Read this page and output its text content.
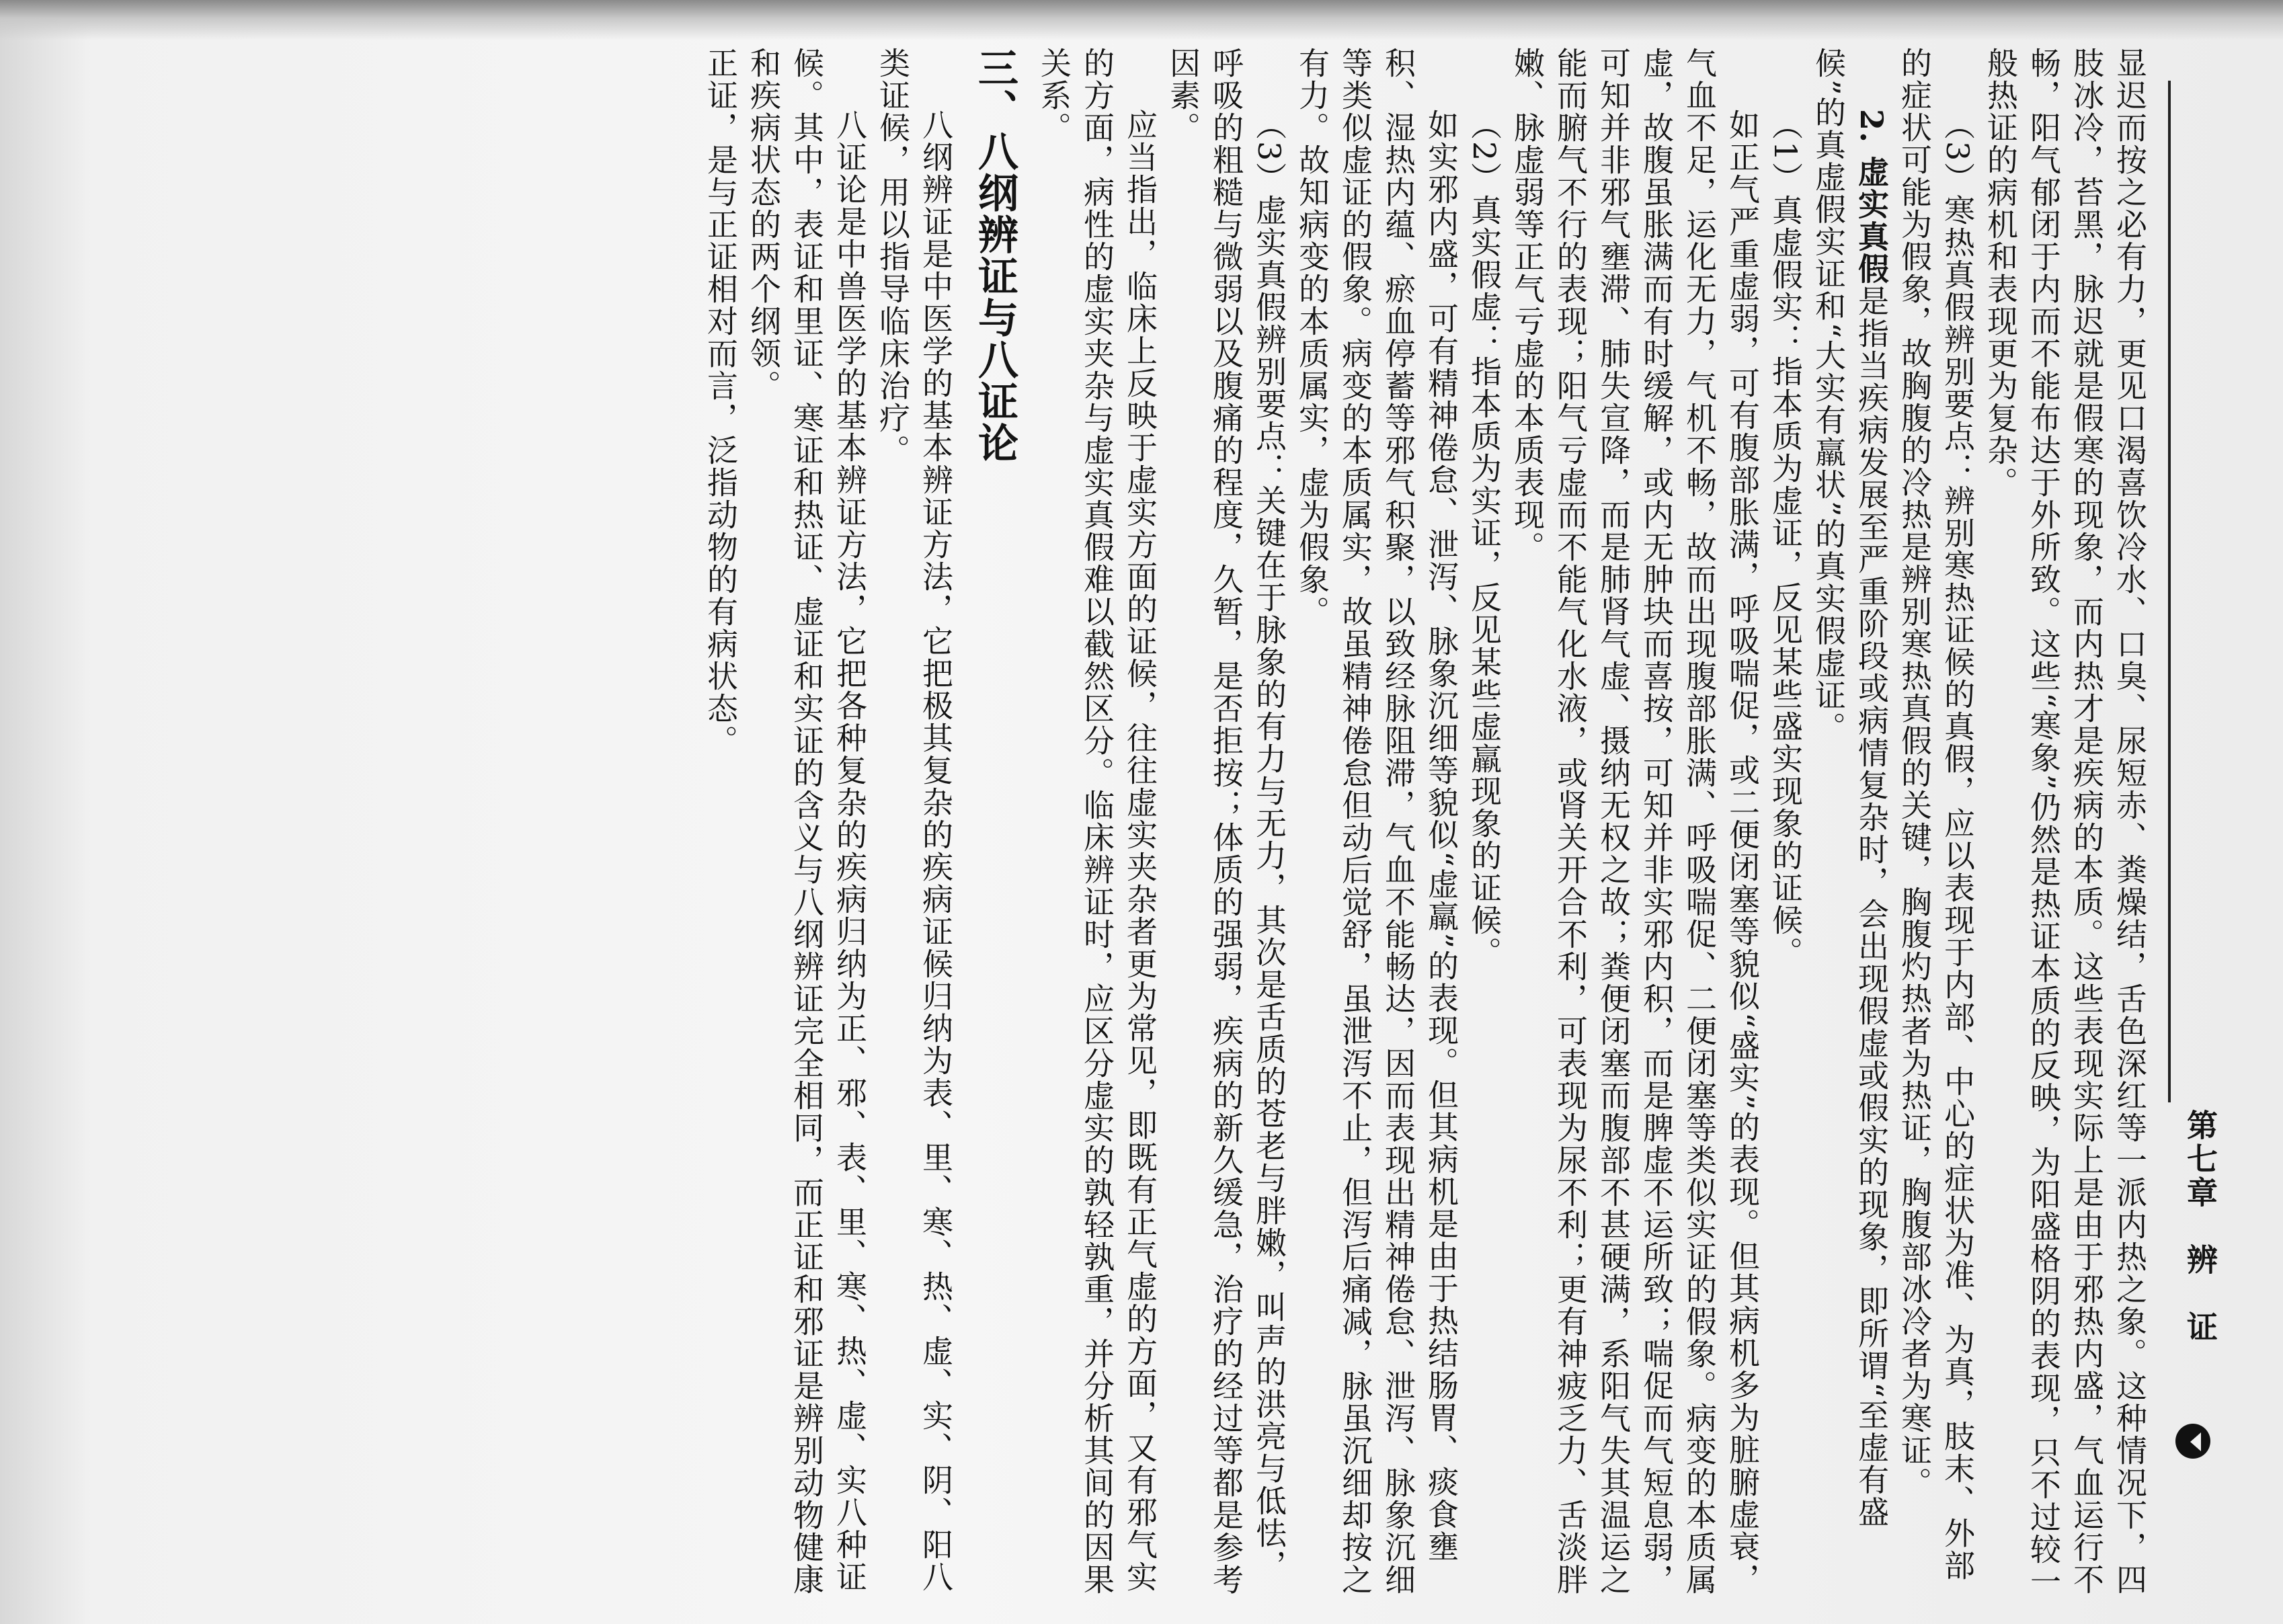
第七章　辨　证

显迟而按之必有力，更见口渴喜饮冷水、口臭、尿短赤、粪燥结，舌色深红等一派内热之象。这种情况下，四肢冰冷，苔黑，脉迟就是假寒的现象，而内热才是疾病的本质。这些表现实际上是由于邪热内盛，气血运行不畅，阳气郁闭于内而不能布达于外所致。这些“寒象”仍然是热证本质的反映，为阳盛格阴的表现，只不过较一般热证的病机和表现更为复杂。

（3）寒热真假辨别要点：辨别寒热证候的真假，应以表现于内部、中心的症状为准、为真，肢末、外部的症状可能为假象，故胸腹的冷热是辨别寒热真假的关键，胸腹灼热者为热证，胸腹部冰冷者为寒证。

2. 虚实真假是指当疾病发展至严重阶段或病情复杂时，会出现假虚或假实的现象，即所谓“至虚有盛候”的真虚假实证和“大实有羸状”的真实假虚证。

（1）真虚假实：指本质为虚证，反见某些盛实现象的证候。

如正气严重虚弱，可有腹部胀满，呼吸喘促，或二便闭塞等貌似“盛实”的表现。但其病机多为脏腑虚衰，气血不足，运化无力，气机不畅，故而出现腹部胀满、呼吸喘促、二便闭塞等类似实证的假象。病变的本质属虚，故腹虽胀满而有时缓解，或内无肿块而喜按，可知并非实邪内积，而是脾虚不运所致；喘促而气短息弱，可知并非邪气壅滞、肺失宣降，而是肺肾气虚、摄纳无权之故；粪便闭塞而腹部不甚硬满，系阳气失其温运之能而腑气不行的表现；阳气亏虚而不能气化水液，或肾关开合不利，可表现为尿不利；更有神疲乏力、舌淡胖嫩、脉虚弱等正气亏虚的本质表现。

（2）真实假虚：指本质为实证，反见某些虚羸现象的证候。

如实邪内盛，可有精神倦怠、泄泻、脉象沉细等貌似“虚羸”的表现。但其病机是由于热结肠胃、痰食壅积、湿热内蕴、瘀血停蓄等邪气积聚，以致经脉阻滞，气血不能畅达，因而表现出精神倦怠、泄泻、脉象沉细等类似虚证的假象。病变的本质属实，故虽精神倦怠但动后觉舒，虽泄泻不止，但泻后痛减，脉虽沉细却按之有力。故知病变的本质属实，虚为假象。

（3）虚实真假辨别要点：关键在于脉象的有力与无力，其次是舌质的苍老与胖嫩，叫声的洪亮与低怯，呼吸的粗糙与微弱以及腹痛的程度，久暂，是否拒按；体质的强弱，疾病的新久缓急，治疗的经过等都是参考因素。

应当指出，临床上反映于虚实方面的证候，往往虚实夹杂者更为常见，即既有正气虚的方面，又有邪气实的方面，病性的虚实夹杂与虚实真假难以截然区分。临床辨证时，应区分虚实的孰轻孰重，并分析其间的因果关系。

三、八纲辨证与八证论

八纲辨证是中医学的基本辨证方法，它把极其复杂的疾病证候归纳为表、里、寒、热、虚、实、阴、阳八类证候，用以指导临床治疗。

八证论是中兽医学的基本辨证方法，它把各种复杂的疾病归纳为正、邪、表、里、寒、热、虚、实八种证候。其中，表证和里证、寒证和热证、虚证和实证的含义与八纲辨证完全相同，而正证和邪证是辨别动物健康和疾病状态的两个纲领。

正证，是与正证相对而言，泛指动物的有病状态。
